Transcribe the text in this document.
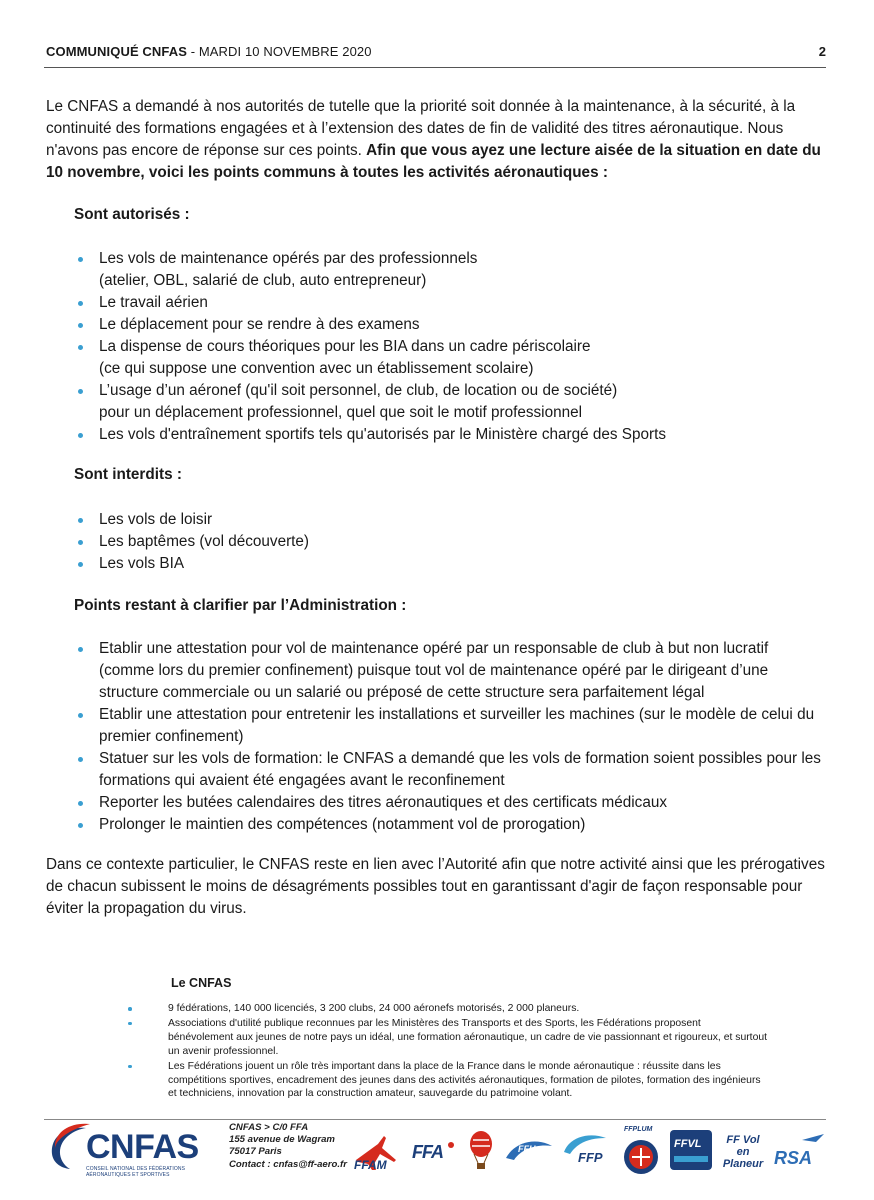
COMMUNIQUÉ CNFAS - MARDI 10 NOVEMBRE 2020	2
Le CNFAS a demandé à nos autorités de tutelle que la priorité soit donnée à la maintenance, à la sécurité, à la continuité des formations engagées et à l’extension des dates de fin de validité des titres aéronautique. Nous n'avons pas encore de réponse sur ces points. Afin que vous ayez une lecture aisée de la situation en date du 10 novembre, voici les points communs à toutes les activités aéronautiques :
Sont autorisés :
Les vols de maintenance opérés par des professionnels
(atelier, OBL, salarié de club, auto entrepreneur)
Le travail aérien
Le déplacement pour se rendre à des examens
La dispense de cours théoriques pour les BIA dans un cadre périscolaire
(ce qui suppose une convention avec un établissement scolaire)
L’usage d’un aéronef (qu'il soit personnel, de club, de location ou de société)
pour un déplacement professionnel, quel que soit le motif professionnel
Les vols d'entraînement sportifs tels qu'autorisés par le Ministère chargé des Sports
Sont interdits :
Les vols de loisir
Les baptêmes (vol découverte)
Les vols BIA
Points restant à clarifier par l’Administration :
Etablir une attestation pour vol de maintenance opéré par un responsable de club à but non lucratif (comme lors du premier confinement) puisque tout vol de maintenance opéré par le dirigeant d’une structure commerciale ou un salarié ou préposé de cette structure sera parfaitement légal
Etablir une attestation pour entretenir les installations et surveiller les machines (sur le modèle de celui du premier confinement)
Statuer sur les vols de formation: le CNFAS a demandé que les vols de formation soient possibles pour les formations qui avaient été engagées avant le reconfinement
Reporter les butées calendaires des titres aéronautiques et des certificats médicaux
Prolonger le maintien des compétences (notamment vol de prorogation)
Dans ce contexte particulier, le CNFAS reste en lien avec l’Autorité afin que notre activité ainsi que les prérogatives de chacun subissent le moins de désagréments possibles tout en garantissant d'agir de façon responsable pour éviter la propagation du virus.
Le CNFAS
9 fédérations, 140 000 licenciés, 3 200 clubs, 24 000 aéronefs motorisés, 2 000 planeurs.
Associations d'utilité publique reconnues par les Ministères des Transports et des Sports, les Fédérations proposent bénévolement aux jeunes de notre pays un idéal, une formation aéronautique, un cadre de vie passionnant et rigoureux, et surtout un avenir professionnel.
Les Fédérations jouent un rôle très important dans la place de la France dans le monde aéronautique : réussite dans les compétitions sportives, encadrement des jeunes dans des activités aéronautiques, formation de pilotes, formation des ingénieurs et techniciens, innovation par la construction amateur, sauvegarde du patrimoine volant.
CNFAS
CONSEIL NATIONAL DES FÉDÉRATIONS AÉRONAUTIQUES ET SPORTIVES
CNFAS > C/0 FFA
155 avenue de Wagram
75017 Paris
Contact : cnfas@ff-aero.fr FFAM
FFA	FFH
FFP
FFPLUM
FFVL	FF Vol en Planeur RSA
